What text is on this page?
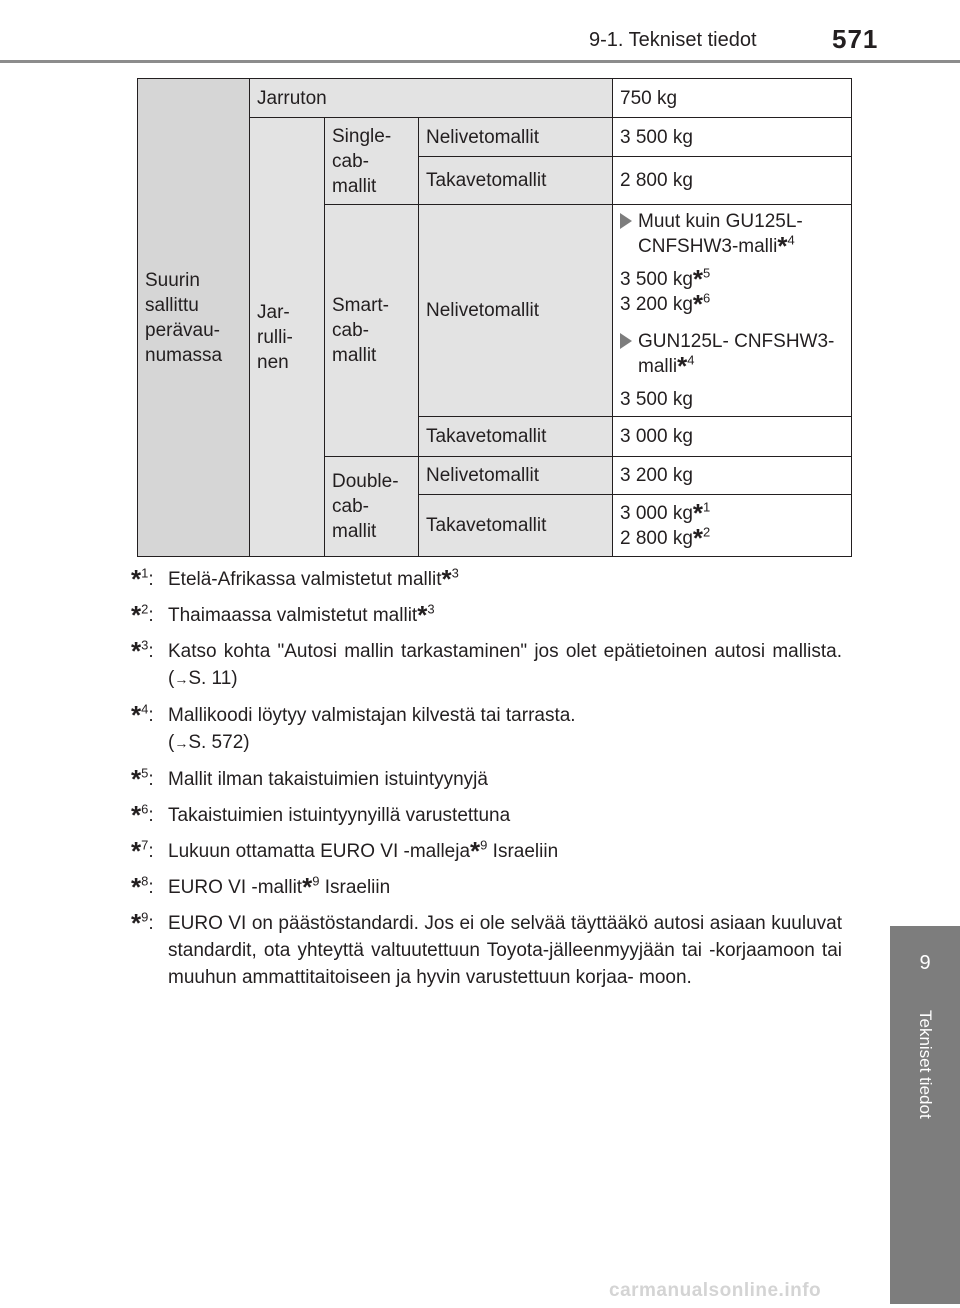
9-1. Tekniset tiedot	571
9
Tekniset tiedot
Suurin sallittu perävau- numassa	Jarruton			750 kg
	Jar- rulli- nen	Single- cab- mallit	Nelivetomallit	3 500 kg
			Takavetomallit	2 800 kg
		Smart- cab- mallit	Nelivetomallit	Muut kuin GU125L- CNFSHW3-malli*$^4$
3 500 kg*$^5$
3 200 kg*$^6$
GUN125L- CNFSHW3-malli*$^4$
3 500 kg

			Takavetomallit	3 000 kg
		Double- cab- mallit	Nelivetomallit	3 200 kg
			Takavetomallit	3 000 kg*$^1$
2 800 kg*$^2$
*$^1$: Etelä-Afrikassa valmistetut mallit*$^3$
*$^2$: Thaimaassa valmistetut mallit*$^3$
*$^3$: Katso kohta "Autosi mallin tarkastaminen" jos olet epätietoinen autosi mallista. (→S. 11)
*$^4$: Mallikoodi löytyy valmistajan kilvestä tai tarrasta.
(→S. 572)
*$^5$: Mallit ilman takaistuimien istuintyynyjä
*$^6$: Takaistuimien istuintyynyillä varustettuna
*$^7$: Lukuun ottamatta EURO VI -malleja*$^9$ Israeliin
*$^8$: EURO VI -mallit*$^9$ Israeliin
*$^9$: EURO VI on päästöstandardi. Jos ei ole selvää täyttääkö autosi asiaan kuuluvat standardit, ota yhteyttä valtuutettuun Toyota-jälleenmyyjään tai -korjaamoon tai muuhun ammattitaitoiseen ja hyvin varustettuun korjaa- moon.
carmanualsonline.info
